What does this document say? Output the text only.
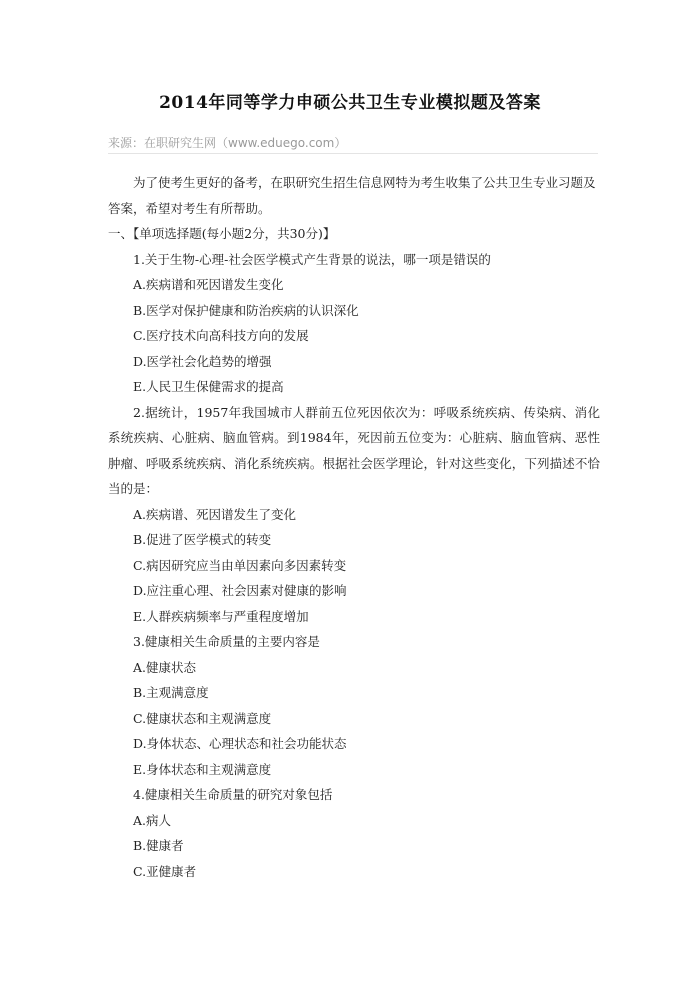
2014年同等学力申硕公共卫生专业模拟题及答案
来源：在职研究生网（www.eduego.com）

为了使考生更好的备考，在职研究生招生信息网特为考生收集了公共卫生专业习题及答案，希望对考生有所帮助。

一、【单项选择题(每小题2分，共30分)】

1.关于生物-心理-社会医学模式产生背景的说法，哪一项是错误的

A.疾病谱和死因谱发生变化

B.医学对保护健康和防治疾病的认识深化

C.医疗技术向高科技方向的发展

D.医学社会化趋势的增强

E.人民卫生保健需求的提高

2.据统计，1957年我国城市人群前五位死因依次为：呼吸系统疾病、传染病、消化系统疾病、心脏病、脑血管病。到1984年，死因前五位变为：心脏病、脑血管病、恶性肿瘤、呼吸系统疾病、消化系统疾病。根据社会医学理论，针对这些变化，下列描述不恰当的是：

A.疾病谱、死因谱发生了变化

B.促进了医学模式的转变

C.病因研究应当由单因素向多因素转变

D.应注重心理、社会因素对健康的影响

E.人群疾病频率与严重程度增加

3.健康相关生命质量的主要内容是

A.健康状态

B.主观满意度

C.健康状态和主观满意度

D.身体状态、心理状态和社会功能状态

E.身体状态和主观满意度

4.健康相关生命质量的研究对象包括

A.病人

B.健康者

C.亚健康者
